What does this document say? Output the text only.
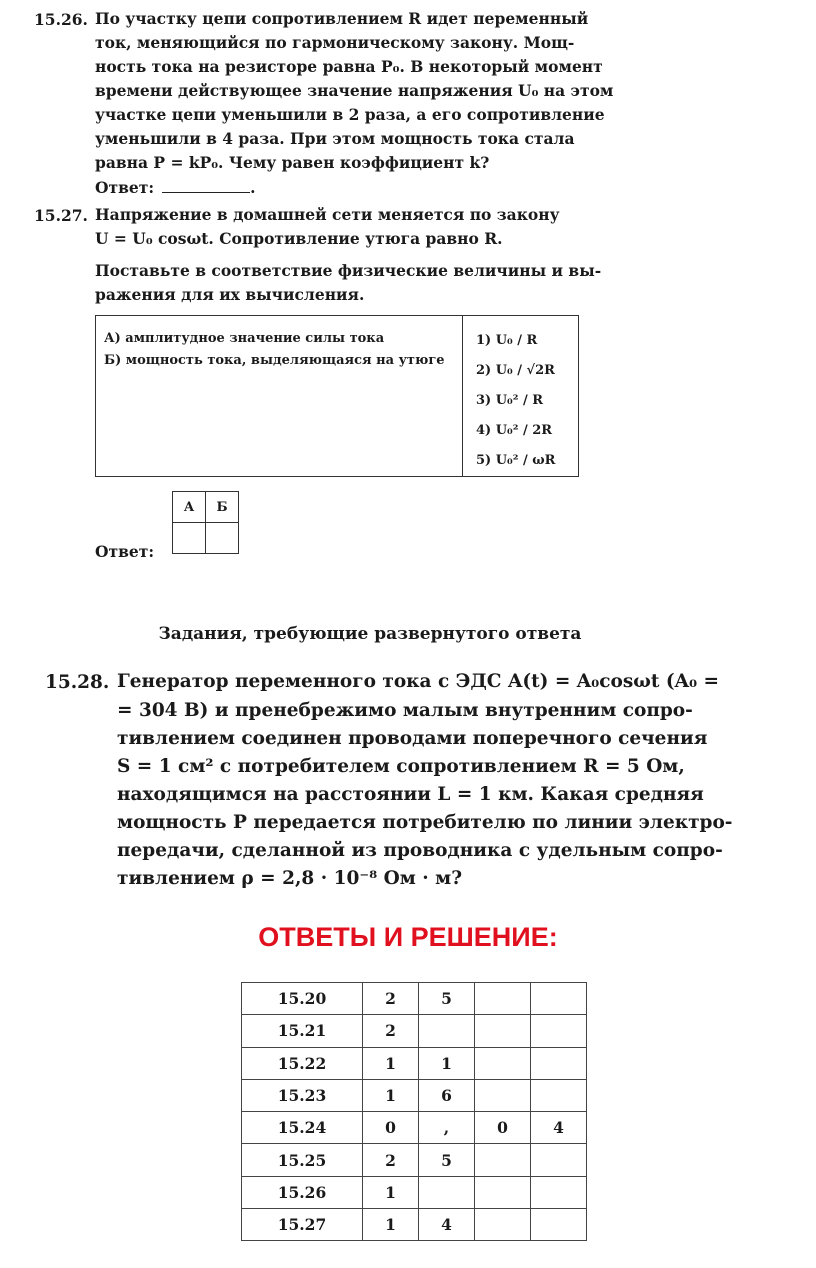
15.26. По участку цепи сопротивлением R идет переменный
ток, меняющийся по гармоническому закону. Мощ-
ность тока на резисторе равна P₀. В некоторый момент
времени действующее значение напряжения U₀ на этом
участке цепи уменьшили в 2 раза, а его сопротивление
уменьшили в 4 раза. При этом мощность тока стала
равна P = kP₀. Чему равен коэффициент k?
Ответ:	.
15.27. Напряжение в домашней сети меняется по закону
U = U₀ cosωt. Сопротивление утюга равно R.
Поставьте в соответствие физические величины и вы-
ражения для их вычисления.
А) амплитудное значение силы тока
Б) мощность тока, выделяющаяся на утюге
1) U₀ / R
2) U₀ / √2R
3) U₀² / R
4) U₀² / 2R
5) U₀² / ωR
А	Б

Ответ:
Задания, требующие развернутого ответа
15.28. Генератор переменного тока с ЭДС A(t) = A₀cosωt (A₀ =
= 304 В) и пренебрежимо малым внутренним сопро-
тивлением соединен проводами поперечного сечения
S = 1 см² с потребителем сопротивлением R = 5 Ом,
находящимся на расстоянии L = 1 км. Какая средняя
мощность P передается потребителю по линии электро-
передачи, сделанной из проводника с удельным сопро-
тивлением ρ = 2,8 · 10⁻⁸ Ом · м?
ОТВЕТЫ И РЕШЕНИЕ:
15.20	2	5		
15.21	2			
15.22	1	1		
15.23	1	6		
15.24	0	,	0	4
15.25	2	5		
15.26	1			
15.27	1	4		
